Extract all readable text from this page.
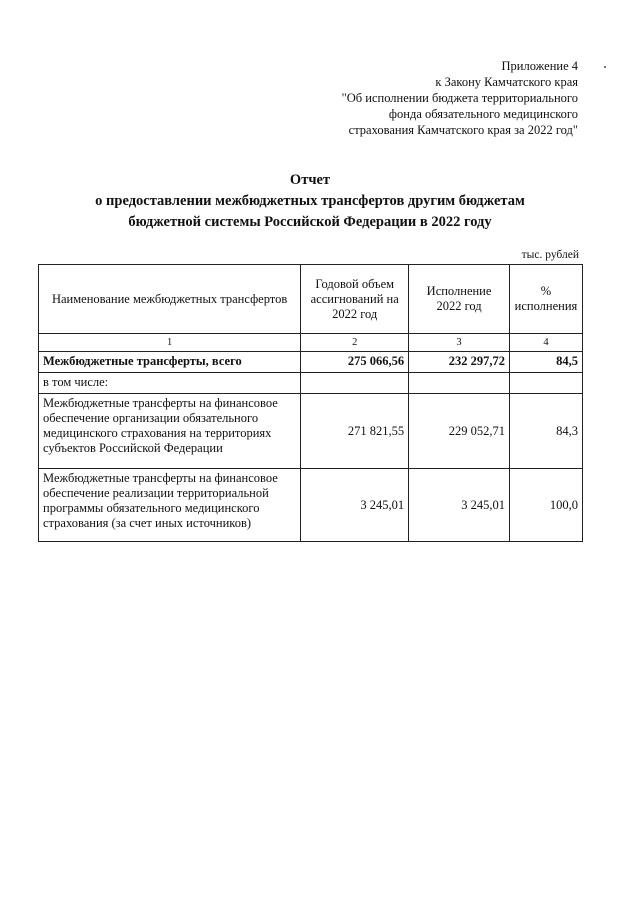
Приложение 4
к Закону Камчатского края
"Об исполнении бюджета территориального
фонда обязательного медицинского
страхования Камчатского края за 2022 год"
Отчет
о предоставлении межбюджетных трансфертов другим бюджетам
бюджетной системы Российской Федерации в 2022 году
тыс. рублей
Наименование межбюджетных трансфертов	Годовой объем ассигнований на 2022 год	Исполнение 2022 год	% исполнения
1	2	3	4
Межбюджетные трансферты, всего	275 066,56	232 297,72	84,5
в том числе:			
Межбюджетные трансферты на финансовое обеспечение организации обязательного медицинского страхования на территориях субъектов Российской Федерации	271 821,55	229 052,71	84,3
Межбюджетные трансферты на финансовое обеспечение реализации территориальной программы обязательного медицинского страхования (за счет иных источников)	3 245,01	3 245,01	100,0
